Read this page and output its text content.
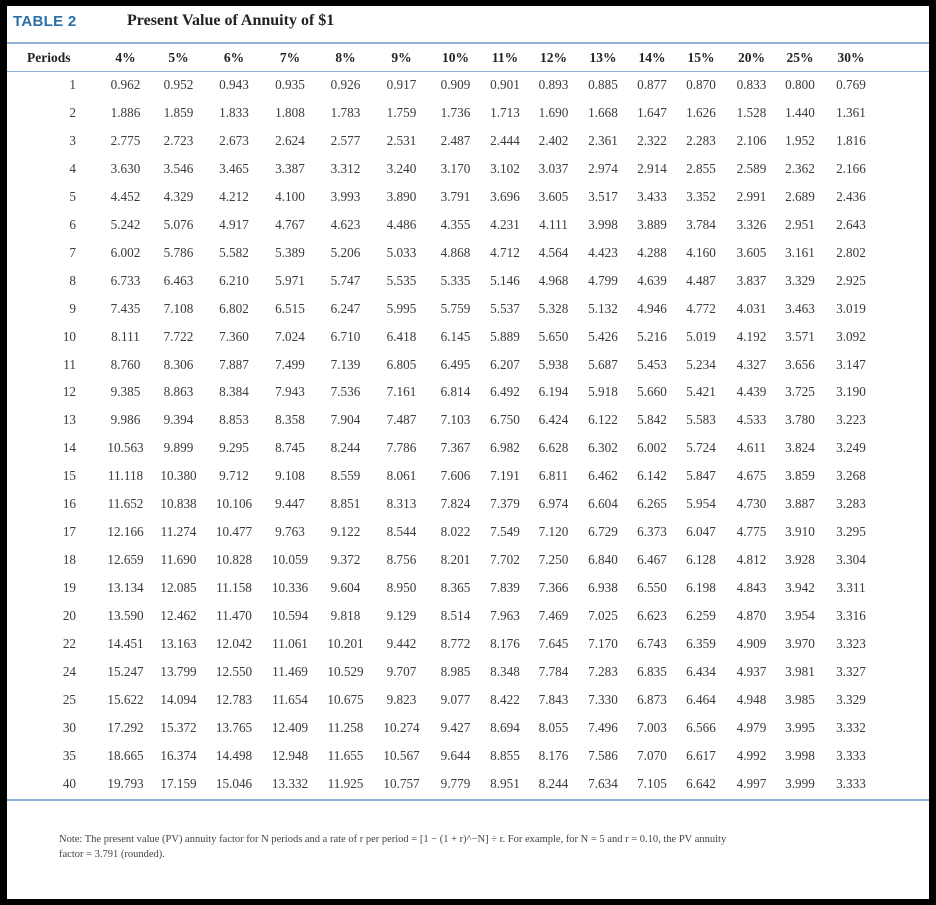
TABLE 2	Present Value of Annuity of $1
Periods	4%	5%	6%	7%	8%	9%	10%	11%	12%	13%	14%	15%	20%	25%	30%
1	0.962	0.952	0.943	0.935	0.926	0.917	0.909	0.901	0.893	0.885	0.877	0.870	0.833	0.800	0.769
2	1.886	1.859	1.833	1.808	1.783	1.759	1.736	1.713	1.690	1.668	1.647	1.626	1.528	1.440	1.361
3	2.775	2.723	2.673	2.624	2.577	2.531	2.487	2.444	2.402	2.361	2.322	2.283	2.106	1.952	1.816
4	3.630	3.546	3.465	3.387	3.312	3.240	3.170	3.102	3.037	2.974	2.914	2.855	2.589	2.362	2.166
5	4.452	4.329	4.212	4.100	3.993	3.890	3.791	3.696	3.605	3.517	3.433	3.352	2.991	2.689	2.436
6	5.242	5.076	4.917	4.767	4.623	4.486	4.355	4.231	4.111	3.998	3.889	3.784	3.326	2.951	2.643
7	6.002	5.786	5.582	5.389	5.206	5.033	4.868	4.712	4.564	4.423	4.288	4.160	3.605	3.161	2.802
8	6.733	6.463	6.210	5.971	5.747	5.535	5.335	5.146	4.968	4.799	4.639	4.487	3.837	3.329	2.925
9	7.435	7.108	6.802	6.515	6.247	5.995	5.759	5.537	5.328	5.132	4.946	4.772	4.031	3.463	3.019
10	8.111	7.722	7.360	7.024	6.710	6.418	6.145	5.889	5.650	5.426	5.216	5.019	4.192	3.571	3.092
11	8.760	8.306	7.887	7.499	7.139	6.805	6.495	6.207	5.938	5.687	5.453	5.234	4.327	3.656	3.147
12	9.385	8.863	8.384	7.943	7.536	7.161	6.814	6.492	6.194	5.918	5.660	5.421	4.439	3.725	3.190
13	9.986	9.394	8.853	8.358	7.904	7.487	7.103	6.750	6.424	6.122	5.842	5.583	4.533	3.780	3.223
14	10.563	9.899	9.295	8.745	8.244	7.786	7.367	6.982	6.628	6.302	6.002	5.724	4.611	3.824	3.249
15	11.118	10.380	9.712	9.108	8.559	8.061	7.606	7.191	6.811	6.462	6.142	5.847	4.675	3.859	3.268
16	11.652	10.838	10.106	9.447	8.851	8.313	7.824	7.379	6.974	6.604	6.265	5.954	4.730	3.887	3.283
17	12.166	11.274	10.477	9.763	9.122	8.544	8.022	7.549	7.120	6.729	6.373	6.047	4.775	3.910	3.295
18	12.659	11.690	10.828	10.059	9.372	8.756	8.201	7.702	7.250	6.840	6.467	6.128	4.812	3.928	3.304
19	13.134	12.085	11.158	10.336	9.604	8.950	8.365	7.839	7.366	6.938	6.550	6.198	4.843	3.942	3.311
20	13.590	12.462	11.470	10.594	9.818	9.129	8.514	7.963	7.469	7.025	6.623	6.259	4.870	3.954	3.316
22	14.451	13.163	12.042	11.061	10.201	9.442	8.772	8.176	7.645	7.170	6.743	6.359	4.909	3.970	3.323
24	15.247	13.799	12.550	11.469	10.529	9.707	8.985	8.348	7.784	7.283	6.835	6.434	4.937	3.981	3.327
25	15.622	14.094	12.783	11.654	10.675	9.823	9.077	8.422	7.843	7.330	6.873	6.464	4.948	3.985	3.329
30	17.292	15.372	13.765	12.409	11.258	10.274	9.427	8.694	8.055	7.496	7.003	6.566	4.979	3.995	3.332
35	18.665	16.374	14.498	12.948	11.655	10.567	9.644	8.855	8.176	7.586	7.070	6.617	4.992	3.998	3.333
40	19.793	17.159	15.046	13.332	11.925	10.757	9.779	8.951	8.244	7.634	7.105	6.642	4.997	3.999	3.333
Note: The present value (PV) annuity factor for N periods and a rate of r per period = [1 − (1 + r)^−N] ÷ r. For example, for N = 5 and r = 0.10, the PV annuity
factor = 3.791 (rounded).
